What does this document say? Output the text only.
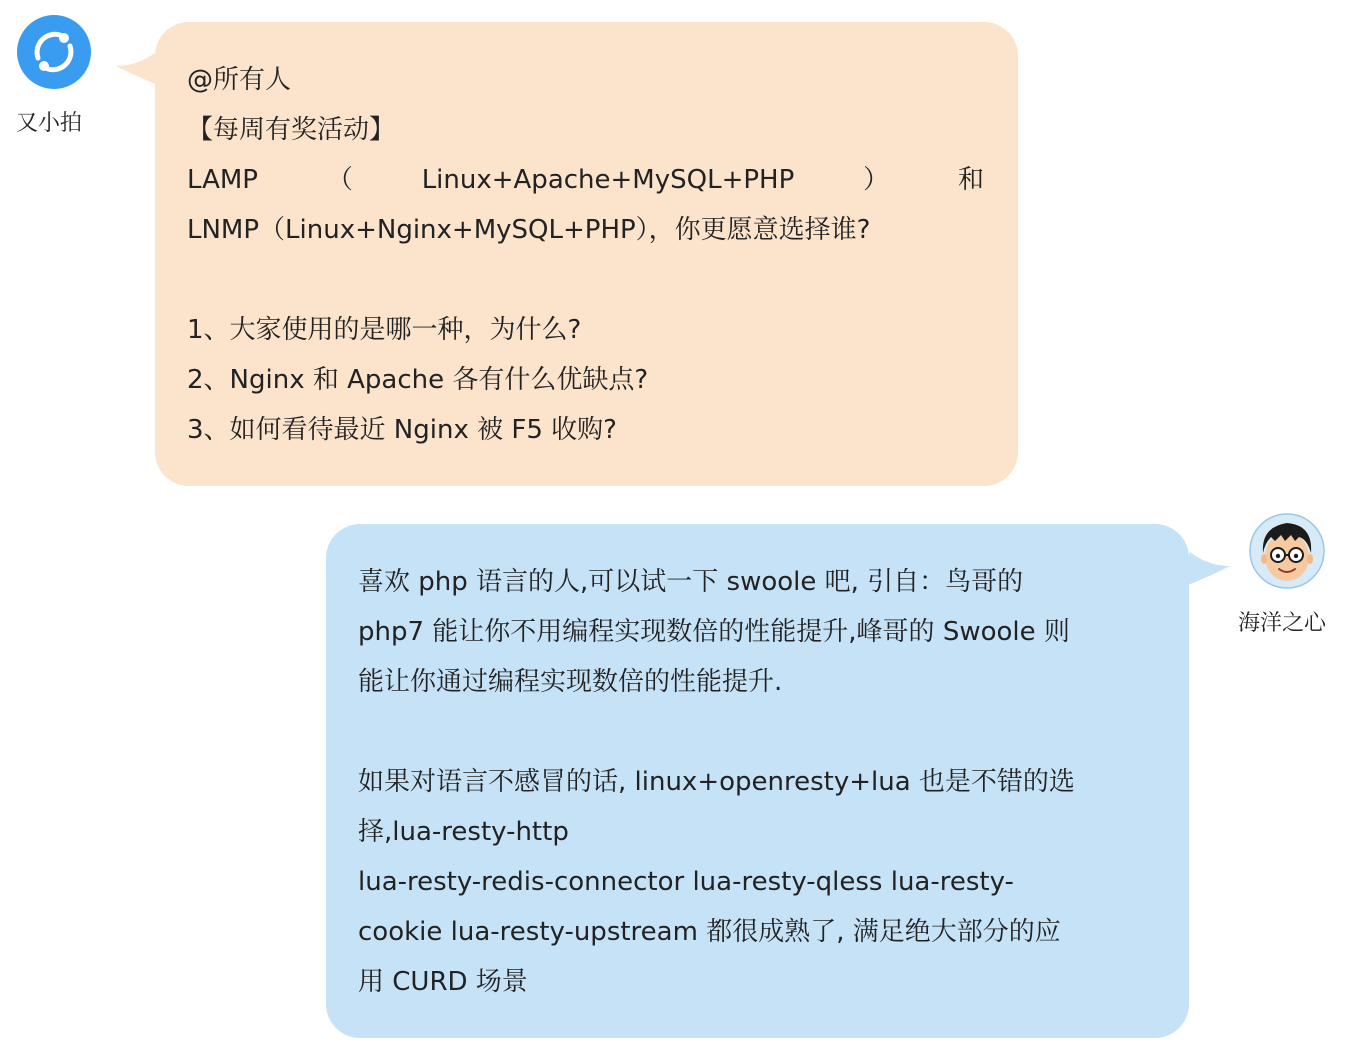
又小拍
@所有人
【每周有奖活动】
LAMP	（	Linux+Apache+MySQL+PHP	）	和
LNMP（Linux+Nginx+MySQL+PHP），你更愿意选择谁?
1、大家使用的是哪一种，为什么?
2、Nginx 和 Apache 各有什么优缺点?
3、如何看待最近 Nginx 被 F5 收购?
喜欢 php 语言的人,可以试一下 swoole 吧, 引自：鸟哥的
php7 能让你不用编程实现数倍的性能提升,峰哥的 Swoole 则
能让你通过编程实现数倍的性能提升.
如果对语言不感冒的话, linux+openresty+lua 也是不错的选
择,lua-resty-http
lua-resty-redis-connector lua-resty-qless lua-resty-
cookie lua-resty-upstream 都很成熟了, 满足绝大部分的应
用 CURD 场景
海洋之心
